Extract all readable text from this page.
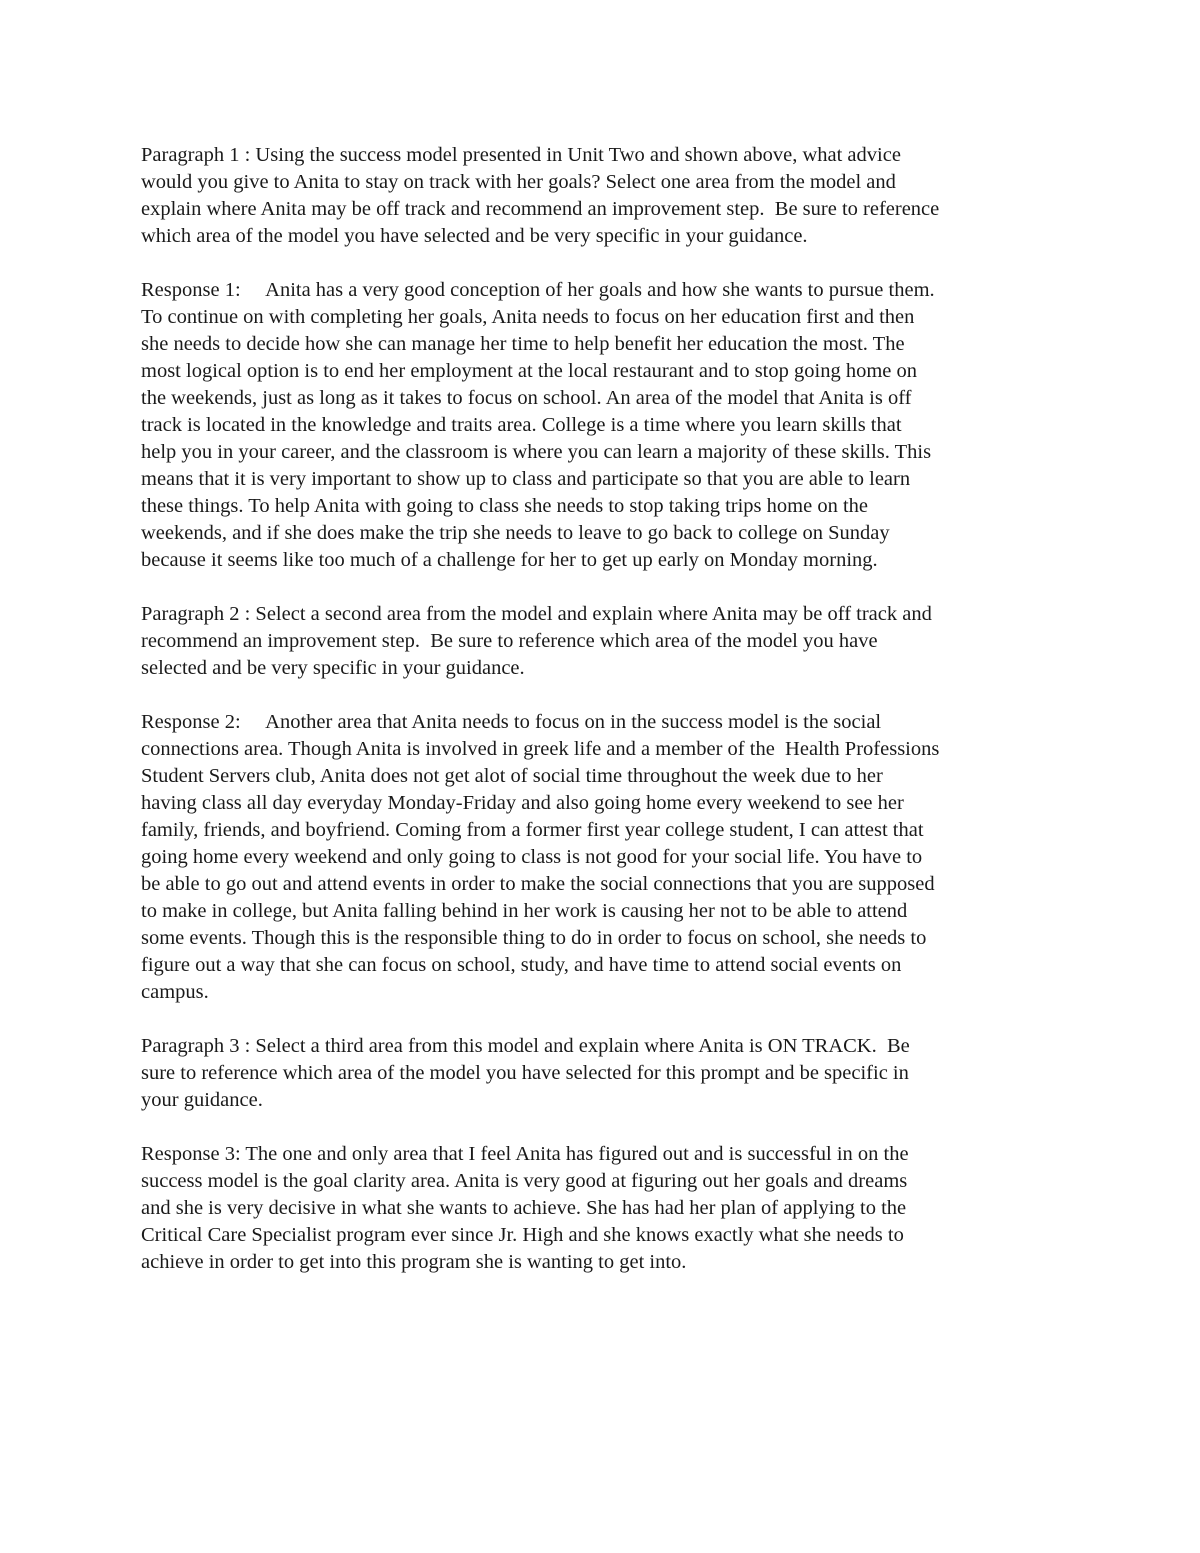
Paragraph 1 : Using the success model presented in Unit Two and shown above, what advice
would you give to Anita to stay on track with her goals? Select one area from the model and
explain where Anita may be off track and recommend an improvement step.  Be sure to reference
which area of the model you have selected and be very specific in your guidance.
Response 1:     Anita has a very good conception of her goals and how she wants to pursue them.
To continue on with completing her goals, Anita needs to focus on her education first and then
she needs to decide how she can manage her time to help benefit her education the most. The
most logical option is to end her employment at the local restaurant and to stop going home on
the weekends, just as long as it takes to focus on school. An area of the model that Anita is off
track is located in the knowledge and traits area. College is a time where you learn skills that
help you in your career, and the classroom is where you can learn a majority of these skills. This
means that it is very important to show up to class and participate so that you are able to learn
these things. To help Anita with going to class she needs to stop taking trips home on the
weekends, and if she does make the trip she needs to leave to go back to college on Sunday
because it seems like too much of a challenge for her to get up early on Monday morning.
Paragraph 2 : Select a second area from the model and explain where Anita may be off track and
recommend an improvement step.  Be sure to reference which area of the model you have
selected and be very specific in your guidance.
Response 2:     Another area that Anita needs to focus on in the success model is the social
connections area. Though Anita is involved in greek life and a member of the  Health Professions
Student Servers club, Anita does not get alot of social time throughout the week due to her
having class all day everyday Monday-Friday and also going home every weekend to see her
family, friends, and boyfriend. Coming from a former first year college student, I can attest that
going home every weekend and only going to class is not good for your social life. You have to
be able to go out and attend events in order to make the social connections that you are supposed
to make in college, but Anita falling behind in her work is causing her not to be able to attend
some events. Though this is the responsible thing to do in order to focus on school, she needs to
figure out a way that she can focus on school, study, and have time to attend social events on
campus.
Paragraph 3 : Select a third area from this model and explain where Anita is ON TRACK.  Be
sure to reference which area of the model you have selected for this prompt and be specific in
your guidance.
Response 3: The one and only area that I feel Anita has figured out and is successful in on the
success model is the goal clarity area. Anita is very good at figuring out her goals and dreams
and she is very decisive in what she wants to achieve. She has had her plan of applying to the
Critical Care Specialist program ever since Jr. High and she knows exactly what she needs to
achieve in order to get into this program she is wanting to get into.
